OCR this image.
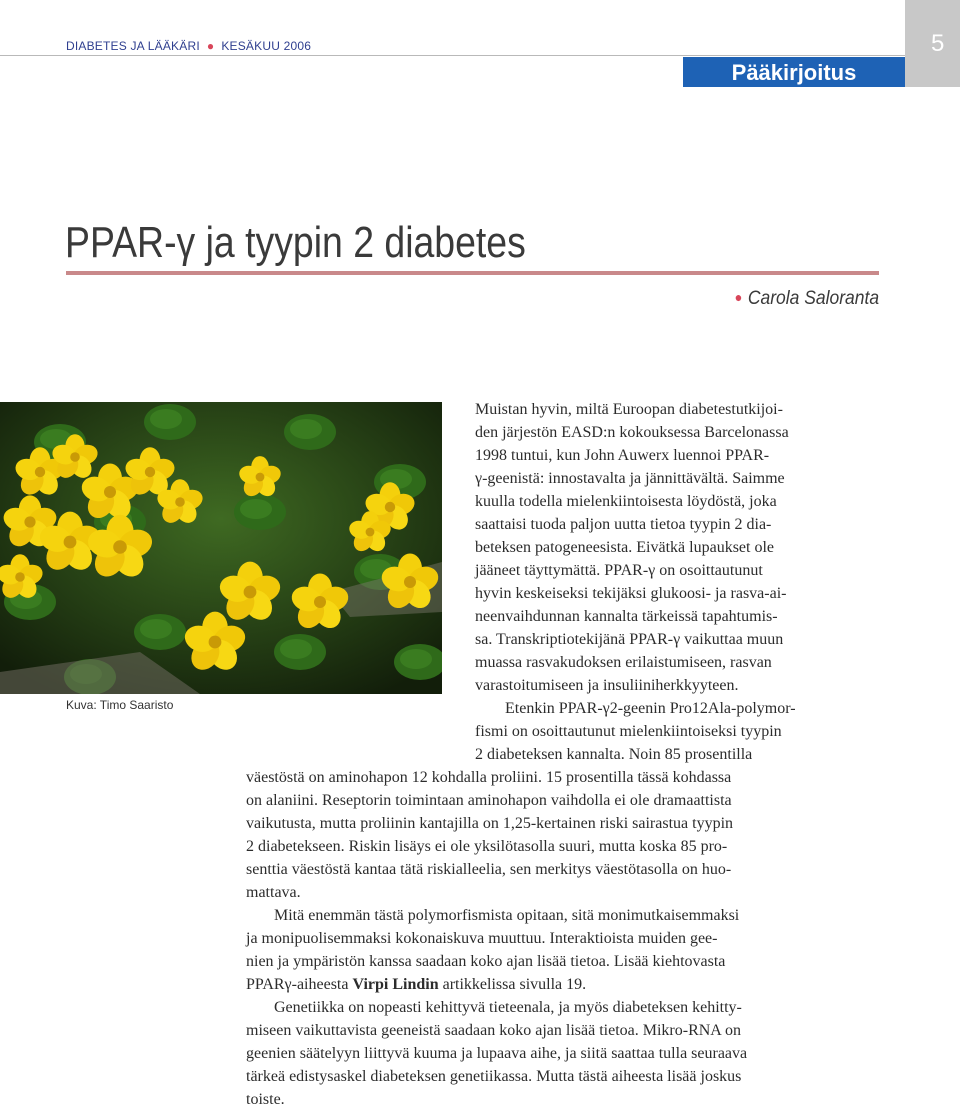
DIABETES JA LÄÄKÄRI ● KESÄKUU 2006	5
Pääkirjoitus
PPAR-γ ja tyypin 2 diabetes
● Carola Saloranta
Kuva: Timo Saaristo
Muistan hyvin, miltä Euroopan diabetestutkijoi-
den järjestön EASD:n kokouksessa Barcelonassa
1998 tuntui, kun John Auwerx luennoi PPAR-
γ-geenistä: innostavalta ja jännittävältä. Saimme
kuulla todella mielenkiintoisesta löydöstä, joka
saattaisi tuoda paljon uutta tietoa tyypin 2 dia-
beteksen patogeneesista. Eivätkä lupaukset ole
jääneet täyttymättä. PPAR-γ on osoittautunut
hyvin keskeiseksi tekijäksi glukoosi- ja rasva-ai-
neenvaihdunnan kannalta tärkeissä tapahtumis-
sa. Transkriptiotekijänä PPAR-γ vaikuttaa muun
muassa rasvakudoksen erilaistumiseen, rasvan
varastoitumiseen ja insuliiniherkkyyteen.
Etenkin PPAR-γ2-geenin Pro12Ala-polymor-
fismi on osoittautunut mielenkiintoiseksi tyypin
2 diabeteksen kannalta. Noin 85 prosentilla
väestöstä on aminohapon 12 kohdalla proliini. 15 prosentilla tässä kohdassa
on alaniini. Reseptorin toimintaan aminohapon vaihdolla ei ole dramaattista
vaikutusta, mutta proliinin kantajilla on 1,25-kertainen riski sairastua tyypin
2 diabetekseen. Riskin lisäys ei ole yksilötasolla suuri, mutta koska 85 pro-
senttia väestöstä kantaa tätä riskialleelia, sen merkitys väestötasolla on huo-
mattava.
Mitä enemmän tästä polymorfismista opitaan, sitä monimutkaisemmaksi
ja monipuolisemmaksi kokonaiskuva muuttuu. Interaktioista muiden gee-
nien ja ympäristön kanssa saadaan koko ajan lisää tietoa. Lisää kiehtovasta
PPARγ-aiheesta Virpi Lindin artikkelissa sivulla 19.
Genetiikka on nopeasti kehittyvä tieteenala, ja myös diabeteksen kehitty-
miseen vaikuttavista geeneistä saadaan koko ajan lisää tietoa. Mikro-RNA on
geenien säätelyyn liittyvä kuuma ja lupaava aihe, ja siitä saattaa tulla seuraava
tärkeä edistysaskel diabeteksen genetiikassa. Mutta tästä aiheesta lisää joskus
toiste.
